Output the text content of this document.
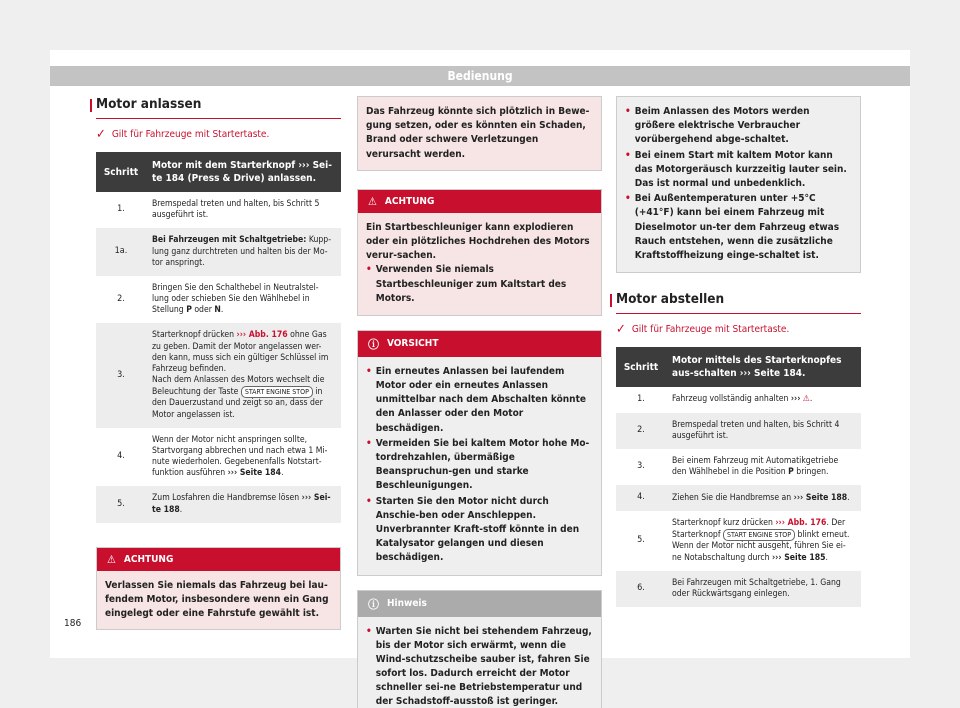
Bedienung
Motor anlassen
✓ Gilt für Fahrzeuge mit Startertaste.
Schritt	Motor mit dem Starterknopf ››› Sei-te 184 (Press & Drive) anlassen.
1.	Bremspedal treten und halten, bis Schritt 5 ausgeführt ist.
1a.	Bei Fahrzeugen mit Schaltgetriebe: Kupp-lung ganz durchtreten und halten bis der Mo-tor anspringt.
2.	Bringen Sie den Schalthebel in Neutralstel-lung oder schieben Sie den Wählhebel in Stellung P oder N.
3.	Starterknopf drücken ››› Abb. 176 ohne Gas zu geben. Damit der Motor angelassen wer-den kann, muss sich ein gültiger Schlüssel im Fahrzeug befinden.
Nach dem Anlassen des Motors wechselt die Beleuchtung der Taste START ENGINE STOP in den Dauerzustand und zeigt so an, dass der Motor angelassen ist.
4.	Wenn der Motor nicht anspringen sollte, Startvorgang abbrechen und nach etwa 1 Mi-nute wiederholen. Gegebenenfalls Notstart-funktion ausführen ››› Seite 184.
5.	Zum Losfahren die Handbremse lösen ››› Sei-te 188.
⚠ ACHTUNG
Verlassen Sie niemals das Fahrzeug bei lau-fendem Motor, insbesondere wenn ein Gang eingelegt oder eine Fahrstufe gewählt ist.
Das Fahrzeug könnte sich plötzlich in Bewe-gung setzen, oder es könnten ein Schaden, Brand oder schwere Verletzungen verursacht werden.
⚠ ACHTUNG
Ein Startbeschleuniger kann explodieren oder ein plötzliches Hochdrehen des Motors verur-sachen.
• Verwenden Sie niemals Startbeschleuniger zum Kaltstart des Motors.
ⓘ VORSICHT
• Ein erneutes Anlassen bei laufendem Motor oder ein erneutes Anlassen unmittelbar nach dem Abschalten könnte den Anlasser oder den Motor beschädigen.
• Vermeiden Sie bei kaltem Motor hohe Mo-tordrehzahlen, übermäßige Beanspruchun-gen und starke Beschleunigungen.
• Starten Sie den Motor nicht durch Anschie-ben oder Anschleppen. Unverbrannter Kraft-stoff könnte in den Katalysator gelangen und diesen beschädigen.
ⓘ Hinweis
• Warten Sie nicht bei stehendem Fahrzeug, bis der Motor sich erwärmt, wenn die Wind-schutzscheibe sauber ist, fahren Sie sofort los. Dadurch erreicht der Motor schneller sei-ne Betriebstemperatur und der Schadstoff-ausstoß ist geringer.
• Beim Anlassen des Motors werden größere elektrische Verbraucher vorübergehend abge-schaltet.
• Bei einem Start mit kaltem Motor kann das Motorgeräusch kurzzeitig lauter sein. Das ist normal und unbedenklich.
• Bei Außentemperaturen unter +5°C (+41°F) kann bei einem Fahrzeug mit Dieselmotor un-ter dem Fahrzeug etwas Rauch entstehen, wenn die zusätzliche Kraftstoffheizung einge-schaltet ist.
Motor abstellen
✓ Gilt für Fahrzeuge mit Startertaste.
Schritt	Motor mittels des Starterknopfes aus-schalten ››› Seite 184.
1.	Fahrzeug vollständig anhalten ››› ⚠.
2.	Bremspedal treten und halten, bis Schritt 4 ausgeführt ist.
3.	Bei einem Fahrzeug mit Automatikgetriebe den Wählhebel in die Position P bringen.
4.	Ziehen Sie die Handbremse an ››› Seite 188.
5.	Starterknopf kurz drücken ››› Abb. 176. Der Starterknopf START ENGINE STOP blinkt erneut. Wenn der Motor nicht ausgeht, führen Sie ei-ne Notabschaltung durch ››› Seite 185.
6.	Bei Fahrzeugen mit Schaltgetriebe, 1. Gang oder Rückwärtsgang einlegen.
186
